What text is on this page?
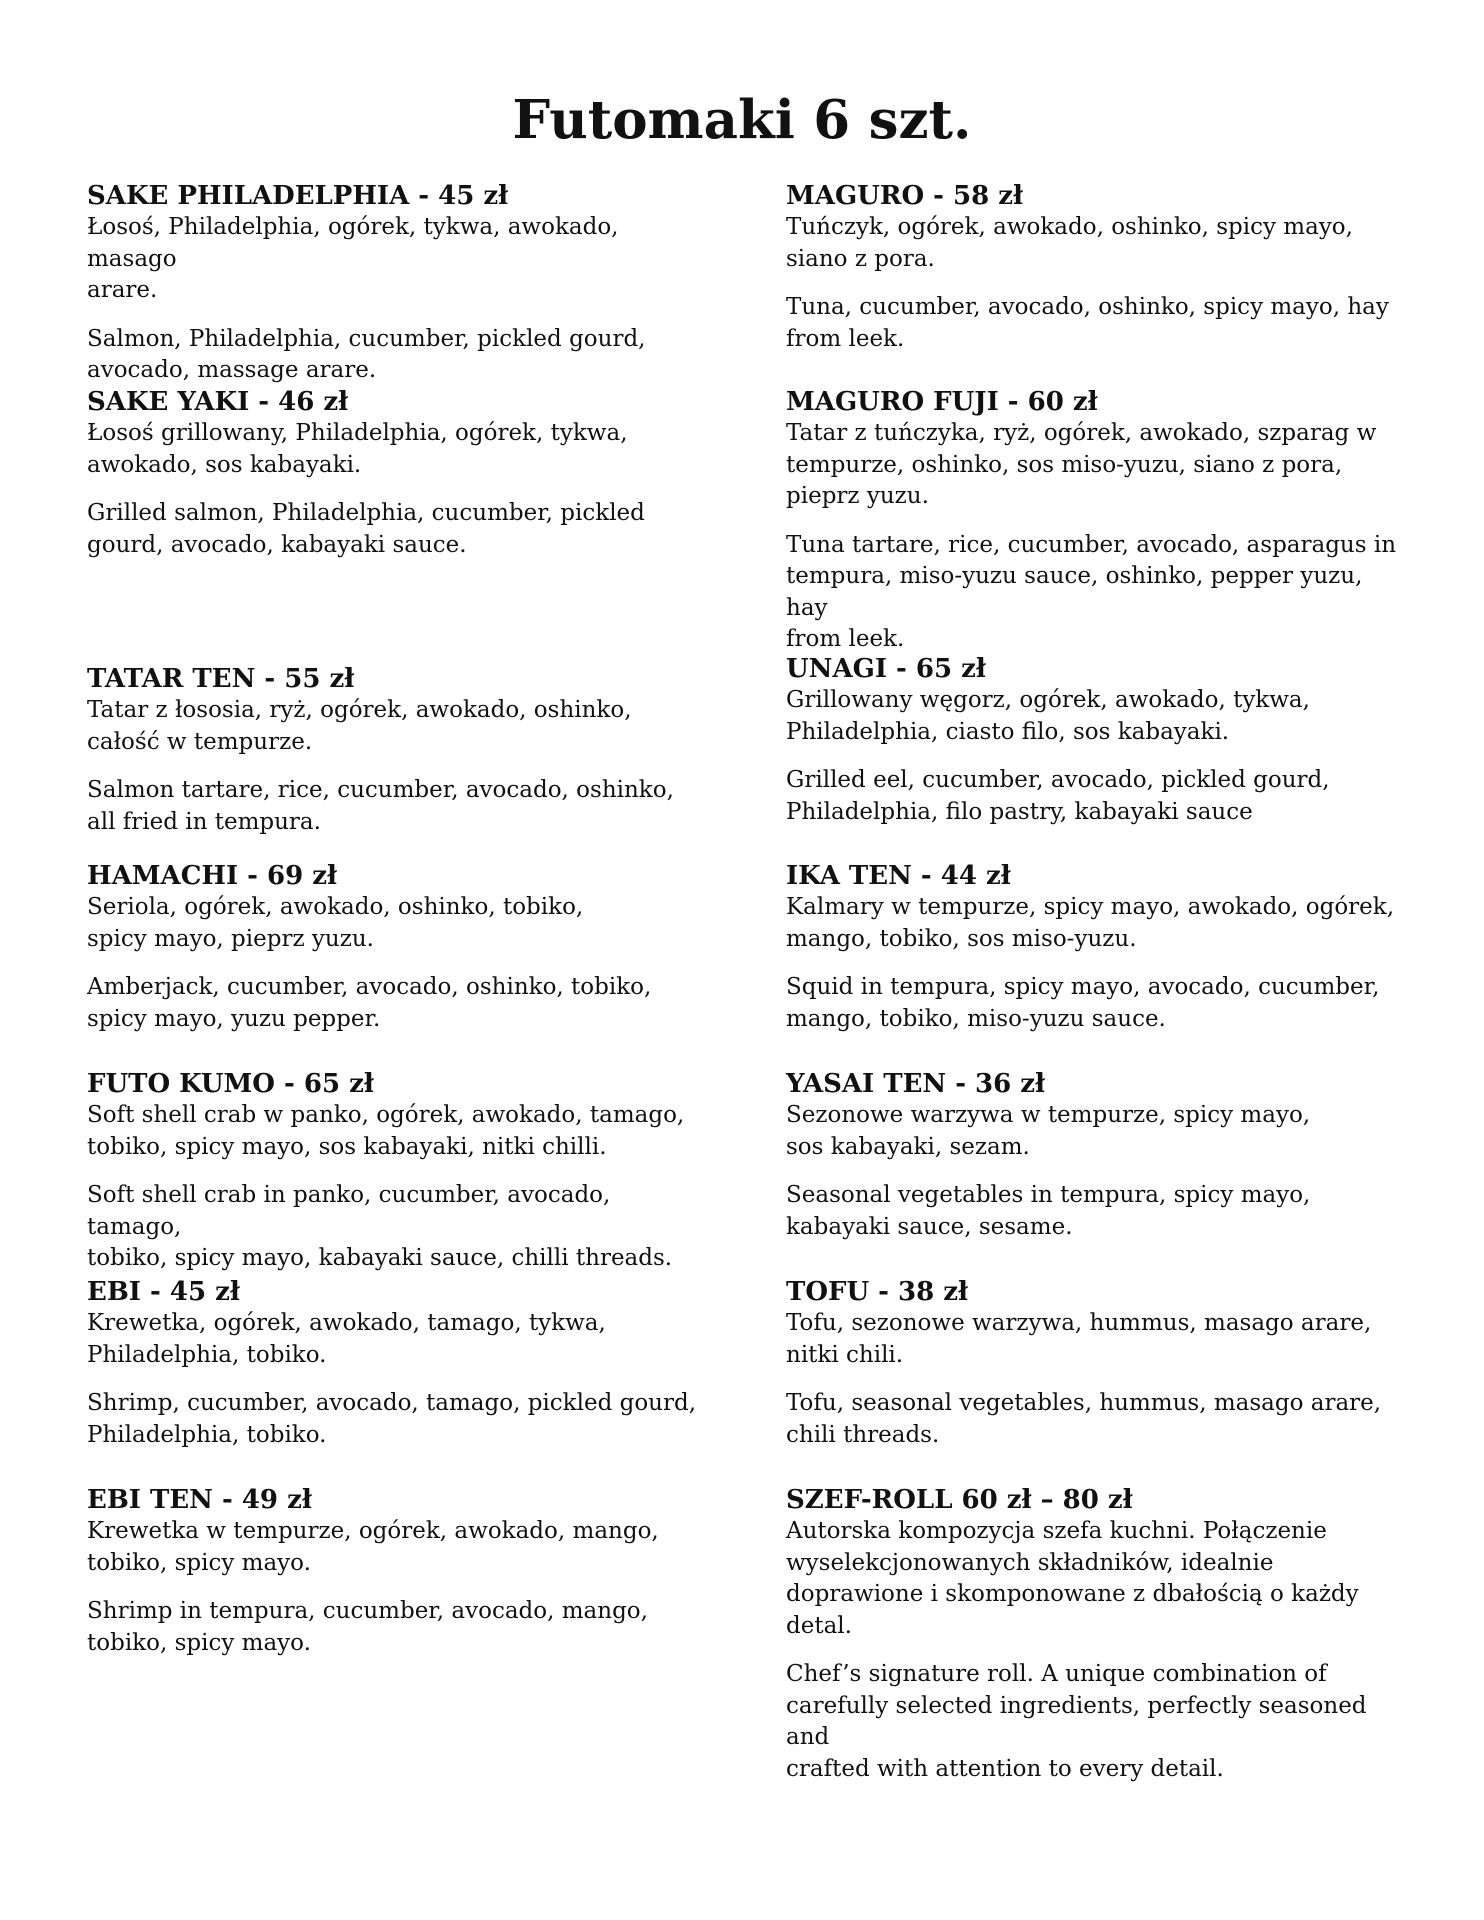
Futomaki 6 szt.
SAKE PHILADELPHIA - 45 zł

Łosoś, Philadelphia, ogórek, tykwa, awokado, masago
arare.

Salmon, Philadelphia, cucumber, pickled gourd,
avocado, massage arare.

SAKE YAKI - 46 zł

Łosoś grillowany, Philadelphia, ogórek, tykwa,
awokado, sos kabayaki.

Grilled salmon, Philadelphia, cucumber, pickled
gourd, avocado, kabayaki sauce.

TATAR TEN - 55 zł

Tatar z łososia, ryż, ogórek, awokado, oshinko,
całość w tempurze.

Salmon tartare, rice, cucumber, avocado, oshinko,
all fried in tempura.

HAMACHI - 69 zł

Seriola, ogórek, awokado, oshinko, tobiko,
spicy mayo, pieprz yuzu.

Amberjack, cucumber, avocado, oshinko, tobiko,
spicy mayo, yuzu pepper.

FUTO KUMO - 65 zł

Soft shell crab w panko, ogórek, awokado, tamago,
tobiko, spicy mayo, sos kabayaki, nitki chilli.

Soft shell crab in panko, cucumber, avocado, tamago,
tobiko, spicy mayo, kabayaki sauce, chilli threads.

EBI - 45 zł

Krewetka, ogórek, awokado, tamago, tykwa,
Philadelphia, tobiko.

Shrimp, cucumber, avocado, tamago, pickled gourd,
Philadelphia, tobiko.

EBI TEN - 49 zł

Krewetka w tempurze, ogórek, awokado, mango,
tobiko, spicy mayo.

Shrimp in tempura, cucumber, avocado, mango,
tobiko, spicy mayo.

MAGURO - 58 zł

Tuńczyk, ogórek, awokado, oshinko, spicy mayo,
siano z pora.

Tuna, cucumber, avocado, oshinko, spicy mayo, hay
from leek.

MAGURO FUJI - 60 zł

Tatar z tuńczyka, ryż, ogórek, awokado, szparag w
tempurze, oshinko, sos miso-yuzu, siano z pora,
pieprz yuzu.

Tuna tartare, rice, cucumber, avocado, asparagus in
tempura, miso-yuzu sauce, oshinko, pepper yuzu, hay
from leek.

UNAGI - 65 zł

Grillowany węgorz, ogórek, awokado, tykwa,
Philadelphia, ciasto filo, sos kabayaki.

Grilled eel, cucumber, avocado, pickled gourd,
Philadelphia, filo pastry, kabayaki sauce

IKA TEN - 44 zł

Kalmary w tempurze, spicy mayo, awokado, ogórek,
mango, tobiko, sos miso-yuzu.

Squid in tempura, spicy mayo, avocado, cucumber,
mango, tobiko, miso-yuzu sauce.

YASAI TEN - 36 zł

Sezonowe warzywa w tempurze, spicy mayo,
sos kabayaki, sezam.

Seasonal vegetables in tempura, spicy mayo,
kabayaki sauce, sesame.

TOFU - 38 zł

Tofu, sezonowe warzywa, hummus, masago arare,
nitki chili.

Tofu, seasonal vegetables, hummus, masago arare,
chili threads.

SZEF-ROLL 60 zł – 80 zł

Autorska kompozycja szefa kuchni. Połączenie
wyselekcjonowanych składników, idealnie
doprawione i skomponowane z dbałością o każdy
detal.

Chef’s signature roll. A unique combination of
carefully selected ingredients, perfectly seasoned and
crafted with attention to every detail.
